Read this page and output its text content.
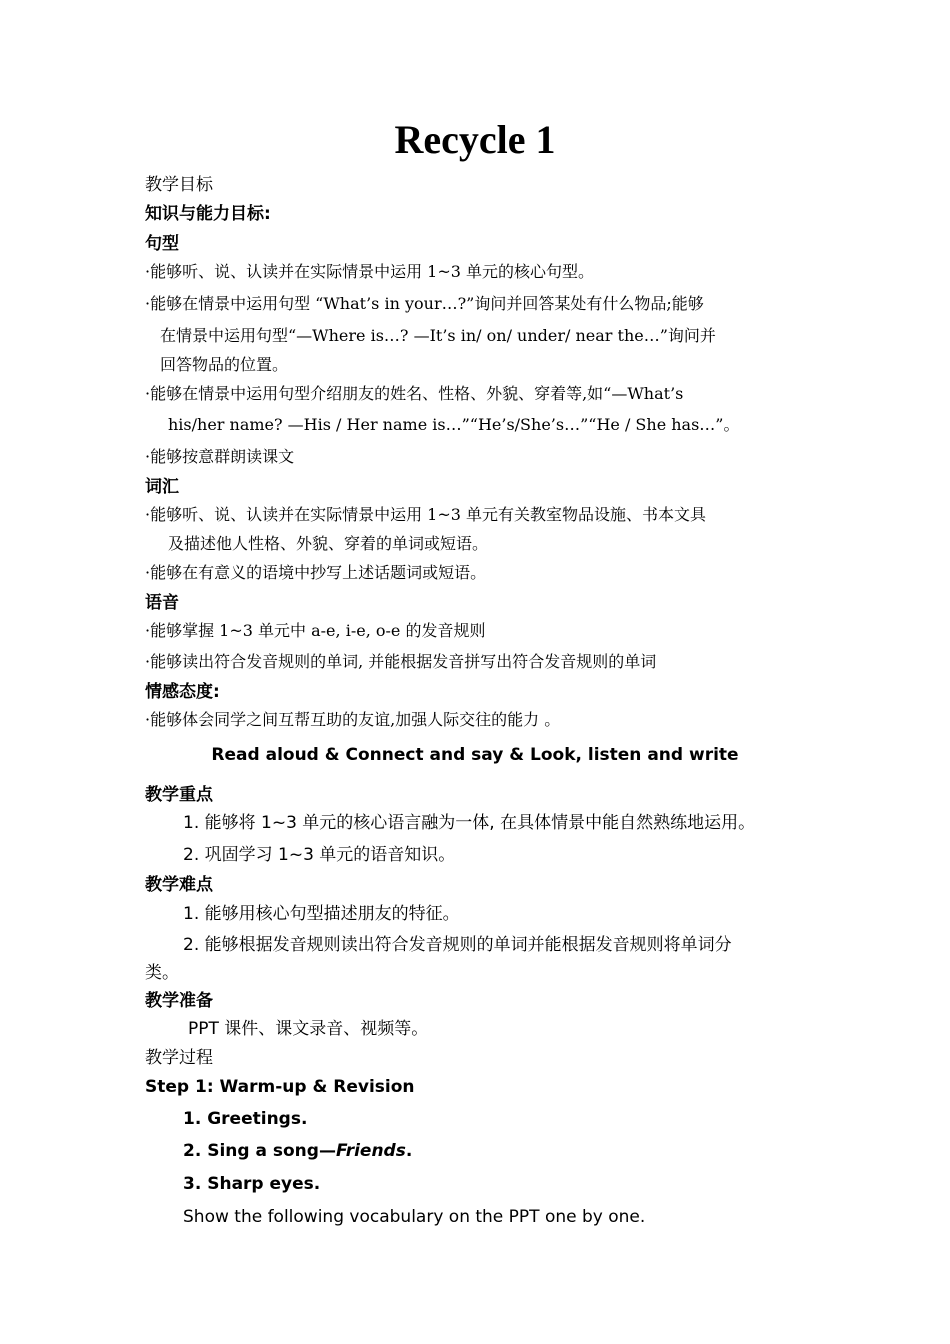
Recycle 1
教学目标
知识与能力目标:
句型
·能够听、说、认读并在实际情景中运用 1~3 单元的核心句型。
·能够在情景中运用句型 “What’s in your…?”询问并回答某处有什么物品;能够
在情景中运用句型“—Where is…? —It’s in/ on/ under/ near the…”询问并
回答物品的位置。
·能够在情景中运用句型介绍朋友的姓名、性格、外貌、穿着等,如“—What’s
his/her name? —His / Her name is…”“He’s/She’s…”“He / She has…”。
·能够按意群朗读课文
词汇
·能够听、说、认读并在实际情景中运用 1~3 单元有关教室物品设施、书本文具
及描述他人性格、外貌、穿着的单词或短语。
·能够在有意义的语境中抄写上述话题词或短语。
语音
·能够掌握 1~3 单元中 a-e, i-e, o-e 的发音规则
·能够读出符合发音规则的单词, 并能根据发音拼写出符合发音规则的单词
情感态度:
·能够体会同学之间互帮互助的友谊,加强人际交往的能力 。
Read aloud & Connect and say & Look, listen and write
教学重点
1. 能够将 1~3 单元的核心语言融为一体, 在具体情景中能自然熟练地运用。
2. 巩固学习 1~3 单元的语音知识。
教学难点
1. 能够用核心句型描述朋友的特征。
2. 能够根据发音规则读出符合发音规则的单词并能根据发音规则将单词分
类。
教学准备
PPT 课件、课文录音、视频等。
教学过程
Step 1: Warm-up & Revision
1. Greetings.
2. Sing a song—Friends.
3. Sharp eyes.
Show the following vocabulary on the PPT one by one.
